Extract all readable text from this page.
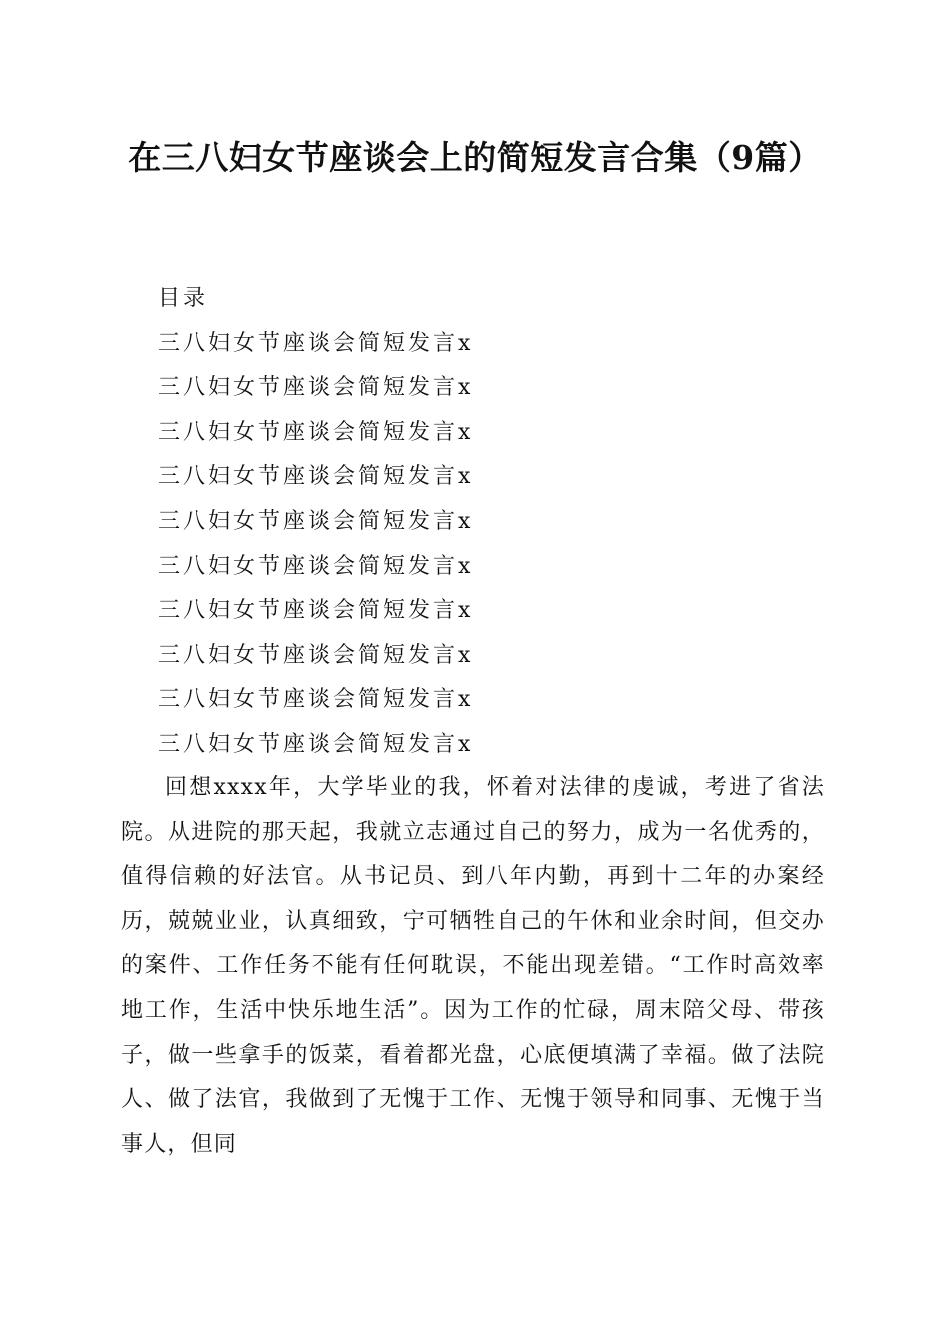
在三八妇女节座谈会上的简短发言合集（9篇）
目录
三八妇女节座谈会简短发言x
三八妇女节座谈会简短发言x
三八妇女节座谈会简短发言x
三八妇女节座谈会简短发言x
三八妇女节座谈会简短发言x
三八妇女节座谈会简短发言x
三八妇女节座谈会简短发言x
三八妇女节座谈会简短发言x
三八妇女节座谈会简短发言x
三八妇女节座谈会简短发言x

回想xxxx年，大学毕业的我，怀着对法律的虔诚，考进了省法院。从进院的那天起，我就立志通过自己的努力，成为一名优秀的，值得信赖的好法官。从书记员、到八年内勤，再到十二年的办案经历，兢兢业业，认真细致，宁可牺牲自己的午休和业余时间，但交办的案件、工作任务不能有任何耽误，不能出现差错。“工作时高效率地工作，生活中快乐地生活”。因为工作的忙碌，周末陪父母、带孩子，做一些拿手的饭菜，看着都光盘，心底便填满了幸福。做了法院人、做了法官，我做到了无愧于工作、无愧于领导和同事、无愧于当事人，但同
